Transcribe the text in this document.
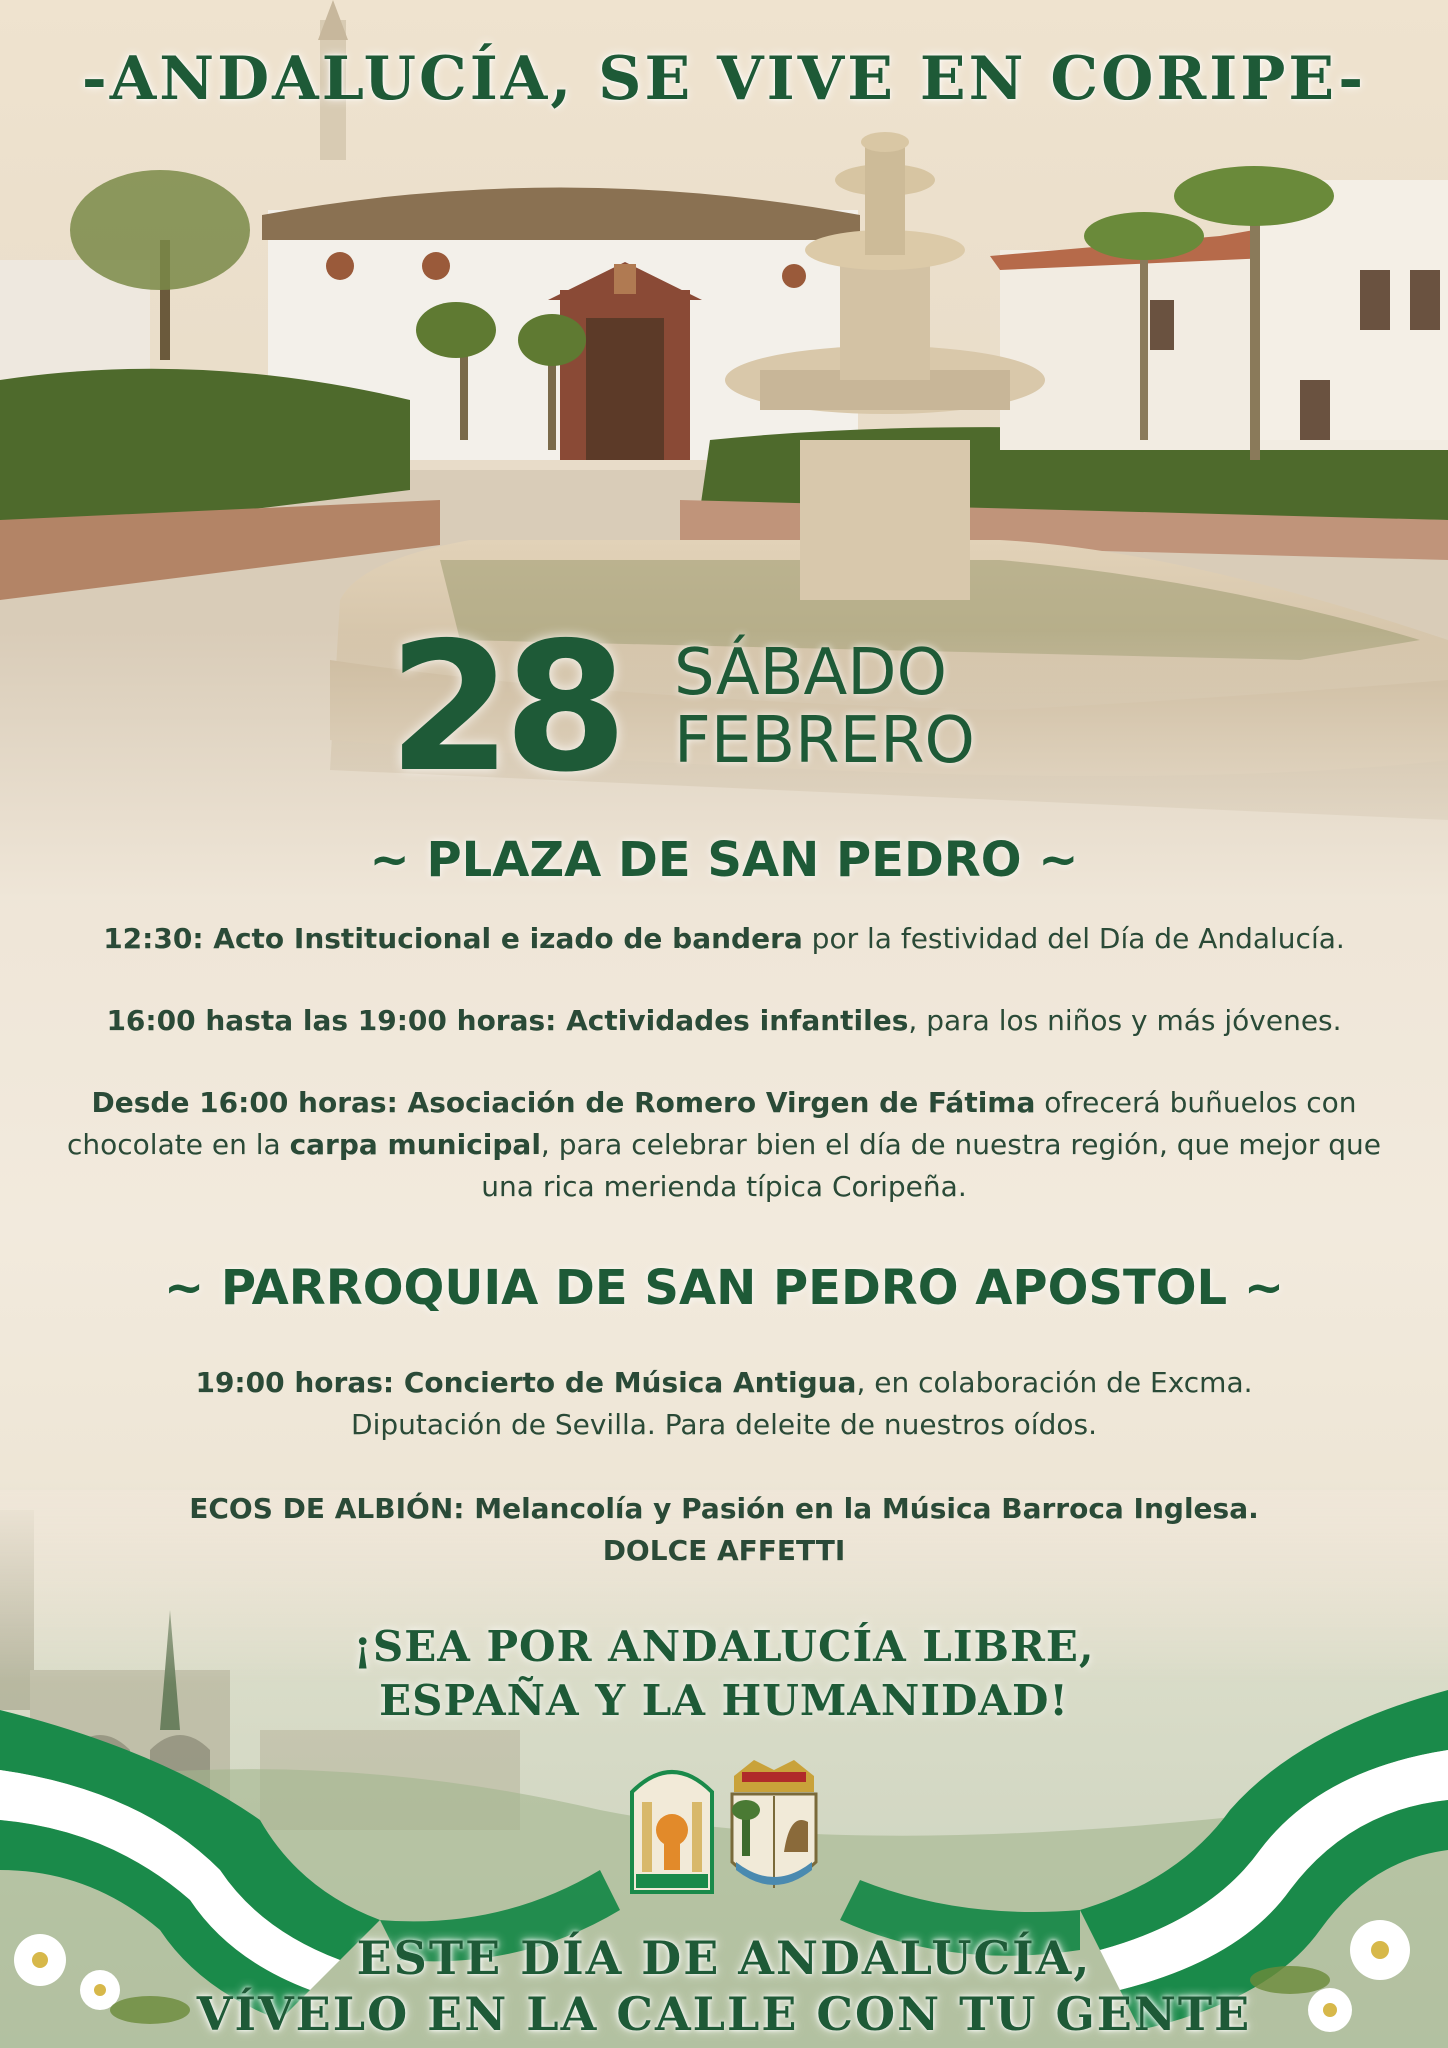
-ANDALUCÍA, SE VIVE EN CORIPE-
28 SÁBADO
FEBRERO
~ PLAZA DE SAN PEDRO ~
12:30: Acto Institucional e izado de bandera por la festividad del Día de Andalucía.
16:00 hasta las 19:00 horas: Actividades infantiles, para los niños y más jóvenes.
Desde 16:00 horas: Asociación de Romero Virgen de Fátima ofrecerá buñuelos con chocolate en la carpa municipal, para celebrar bien el día de nuestra región, que mejor que una rica merienda típica Coripeña.
~ PARROQUIA DE SAN PEDRO APOSTOL ~
19:00 horas: Concierto de Música Antigua, en colaboración de Excma. Diputación de Sevilla. Para deleite de nuestros oídos.
ECOS DE ALBIÓN: Melancolía y Pasión en la Música Barroca Inglesa.
DOLCE AFFETTI
¡SEA POR ANDALUCÍA LIBRE,
ESPAÑA Y LA HUMANIDAD!
ESTE DÍA DE ANDALUCÍA,
VÍVELO EN LA CALLE CON TU GENTE
